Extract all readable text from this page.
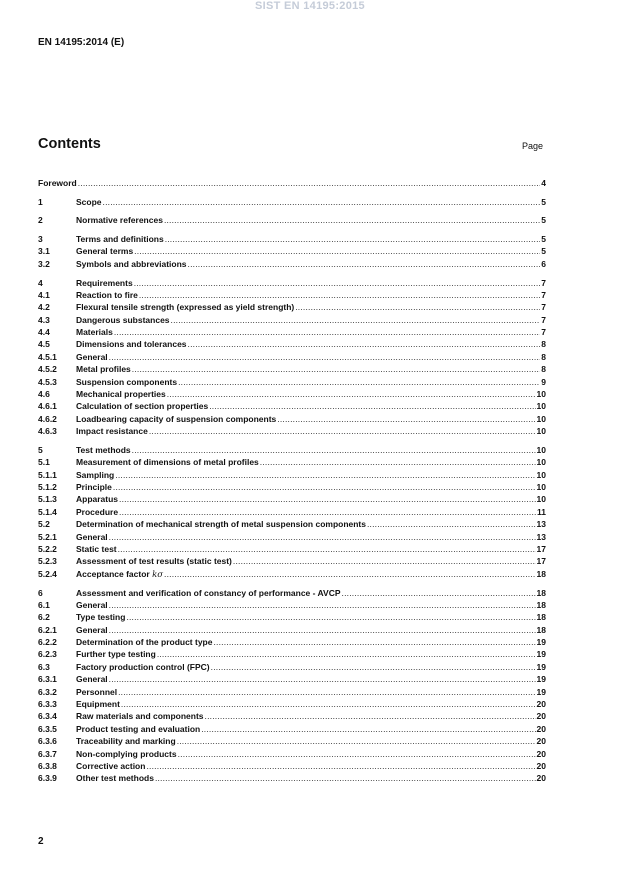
SIST EN 14195:2015
EN 14195:2014 (E)
Contents	Page
Foreword .....	4
1	Scope .....	5
2	Normative references .....	5
3	Terms and definitions .....	5
3.1	General terms .....	5
3.2	Symbols and abbreviations .....	6
4	Requirements .....	7
4.1	Reaction to fire .....	7
4.2	Flexural tensile strength (expressed as yield strength) .....	7
4.3	Dangerous substances .....	7
4.4	Materials .....	7
4.5	Dimensions and tolerances .....	8
4.5.1	General .....	8
4.5.2	Metal profiles .....	8
4.5.3	Suspension components .....	9
4.6	Mechanical properties .....	10
4.6.1	Calculation of section properties .....	10
4.6.2	Loadbearing capacity of suspension components .....	10
4.6.3	Impact resistance .....	10
5	Test methods .....	10
5.1	Measurement of dimensions of metal profiles .....	10
5.1.1	Sampling .....	10
5.1.2	Principle .....	10
5.1.3	Apparatus .....	10
5.1.4	Procedure .....	11
5.2	Determination of mechanical strength of metal suspension components .....	13
5.2.1	General .....	13
5.2.2	Static test .....	17
5.2.3	Assessment of test results (static test) .....	17
5.2.4	Acceptance factor kσ .....	18
6	Assessment and verification of constancy of performance - AVCP .....	18
6.1	General .....	18
6.2	Type testing .....	18
6.2.1	General .....	18
6.2.2	Determination of the product type .....	19
6.2.3	Further type testing .....	19
6.3	Factory production control (FPC) .....	19
6.3.1	General .....	19
6.3.2	Personnel .....	19
6.3.3	Equipment .....	20
6.3.4	Raw materials and components .....	20
6.3.5	Product testing and evaluation .....	20
6.3.6	Traceability and marking .....	20
6.3.7	Non-complying products .....	20
6.3.8	Corrective action .....	20
6.3.9	Other test methods .....	20
2
